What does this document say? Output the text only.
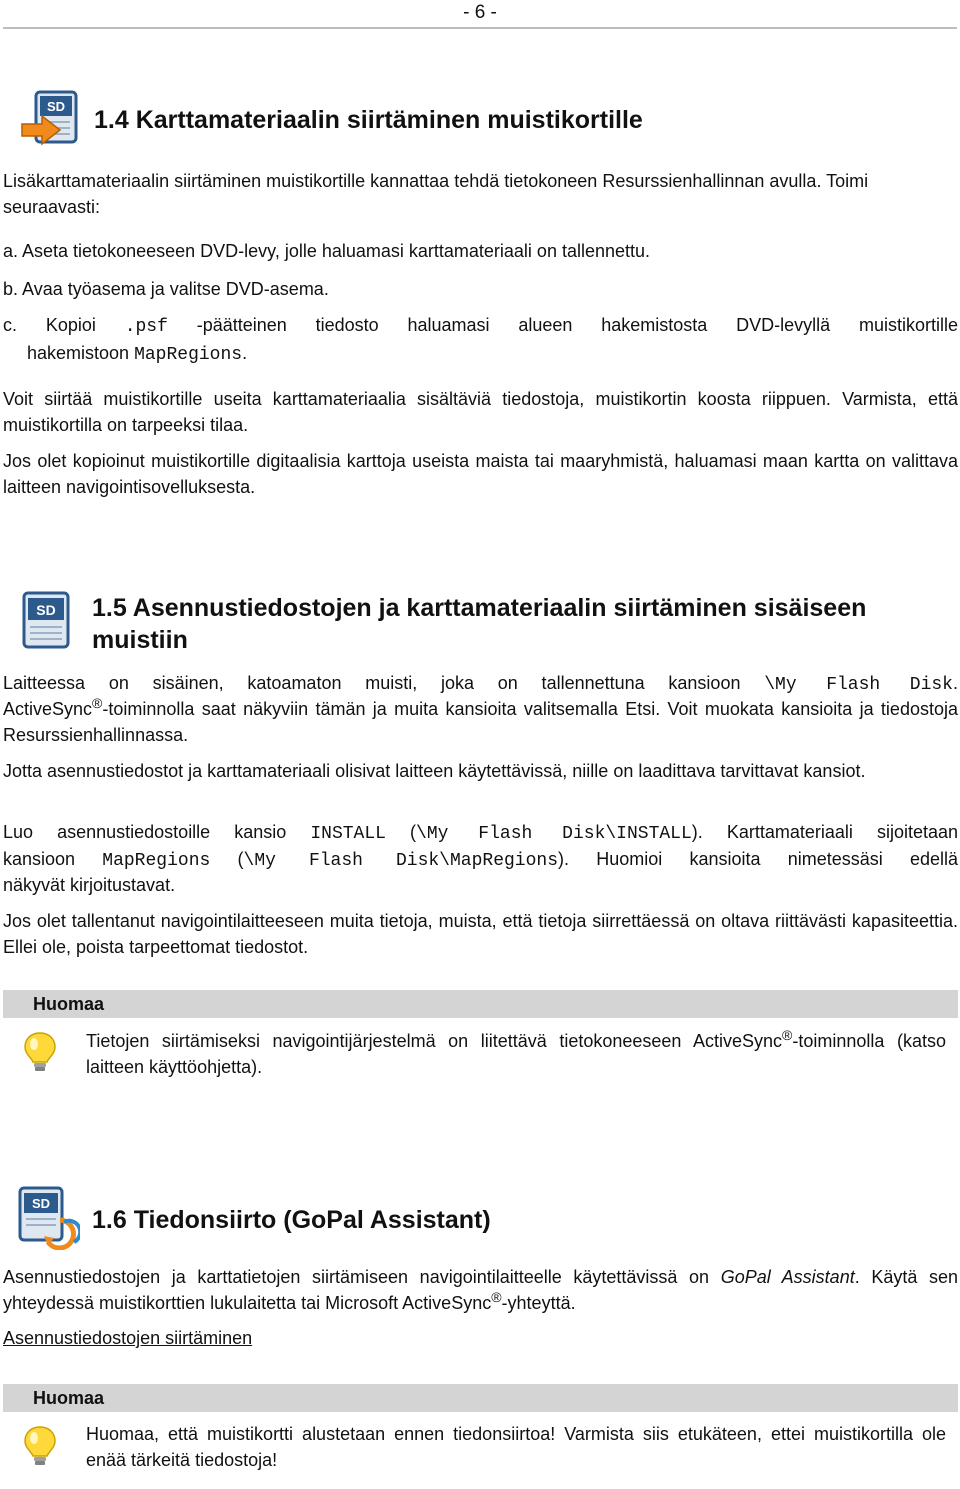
- 6 -
SD 1.4 Karttamateriaalin siirtäminen muistikortille

Lisäkarttamateriaalin siirtäminen muistikortille kannattaa tehdä tietokoneen Resurssienhallinnan avulla. Toimi seuraavasti:

a. Aseta tietokoneeseen DVD-levy, jolle haluamasi karttamateriaali on tallennettu.

b. Avaa työasema ja valitse DVD-asema.

c. Kopioi .psf -päätteinen tiedosto haluamasi alueen hakemistosta DVD-levyllä muistikortille

hakemistoon MapRegions.

Voit siirtää muistikortille useita karttamateriaalia sisältäviä tiedostoja, muistikortin koosta riippuen. Varmista, että muistikortilla on tarpeeksi tilaa.

Jos olet kopioinut muistikortille digitaalisia karttoja useista maista tai maaryhmistä, haluamasi maan kartta on valittava laitteen navigointisovelluksesta.

SD 1.5 Asennustiedostojen ja karttamateriaalin siirtäminen sisäiseen
muistiin

Laitteessa on sisäinen, katoamaton muisti, joka on tallennettuna kansioon \My Flash Disk.

ActiveSync®-toiminnolla saat näkyviin tämän ja muita kansioita valitsemalla Etsi. Voit muokata kansioita ja tiedostoja Resurssienhallinnassa.

Jotta asennustiedostot ja karttamateriaali olisivat laitteen käytettävissä, niille on laadittava tarvittavat kansiot.

Luo asennustiedostoille kansio INSTALL (\My Flash Disk\INSTALL). Karttamateriaali sijoitetaan

kansioon MapRegions (\My Flash Disk\MapRegions). Huomioi kansioita nimetessäsi edellä

näkyvät kirjoitustavat.

Jos olet tallentanut navigointilaitteeseen muita tietoja, muista, että tietoja siirrettäessä on oltava riittävästi kapasiteettia. Ellei ole, poista tarpeettomat tiedostot.

Huomaa

Tietojen siirtämiseksi navigointijärjestelmä on liitettävä tietokoneeseen ActiveSync®-toiminnolla (katso laitteen käyttöohjetta).

SD
1.6 Tiedonsiirto (GoPal Assistant)

Asennustiedostojen ja karttatietojen siirtämiseen navigointilaitteelle käytettävissä on GoPal Assistant. Käytä sen yhteydessä muistikorttien lukulaitetta tai Microsoft ActiveSync®-yhteyttä.

Asennustiedostojen siirtäminen

Huomaa

Huomaa, että muistikortti alustetaan ennen tiedonsiirtoa! Varmista siis etukäteen, ettei muistikortilla ole enää tärkeitä tiedostoja!
